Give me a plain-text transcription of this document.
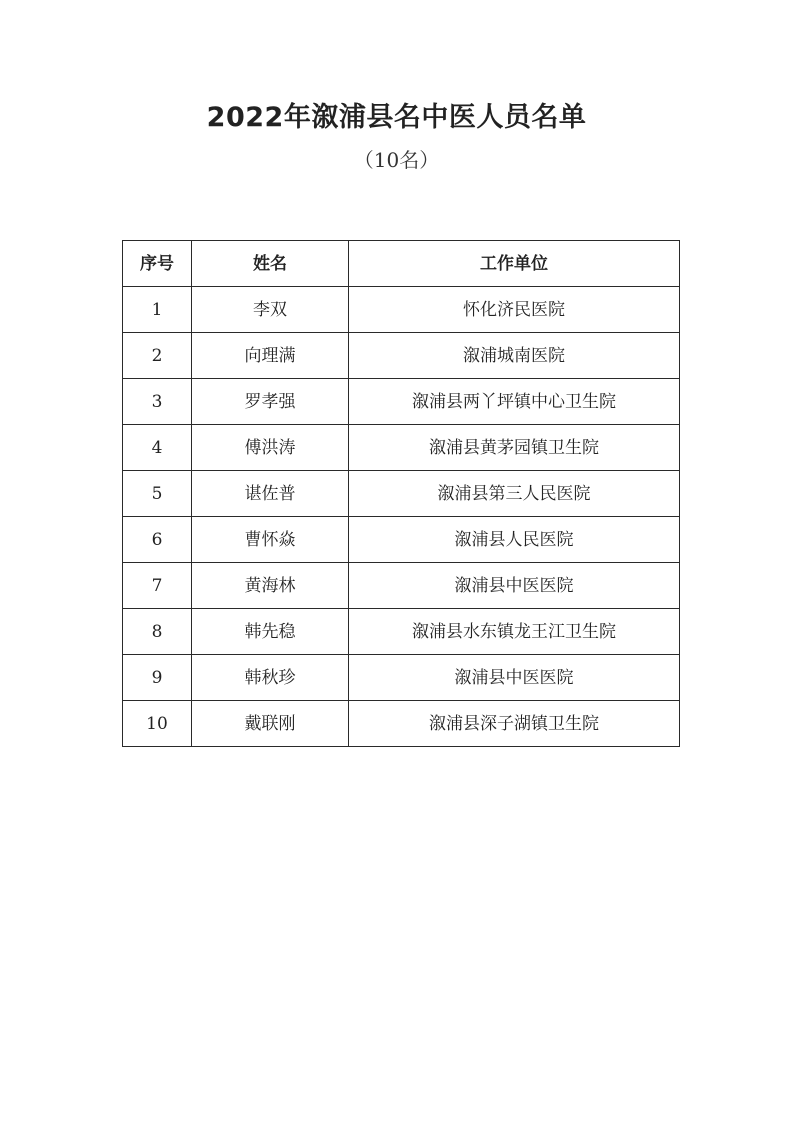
2022年溆浦县名中医人员名单
（10名）
序号	姓名	工作单位
1	李双	怀化济民医院
2	向理满	溆浦城南医院
3	罗孝强	溆浦县两丫坪镇中心卫生院
4	傅洪涛	溆浦县黄茅园镇卫生院
5	谌佐普	溆浦县第三人民医院
6	曹怀焱	溆浦县人民医院
7	黄海林	溆浦县中医医院
8	韩先稳	溆浦县水东镇龙王江卫生院
9	韩秋珍	溆浦县中医医院
10	戴联刚	溆浦县深子湖镇卫生院
